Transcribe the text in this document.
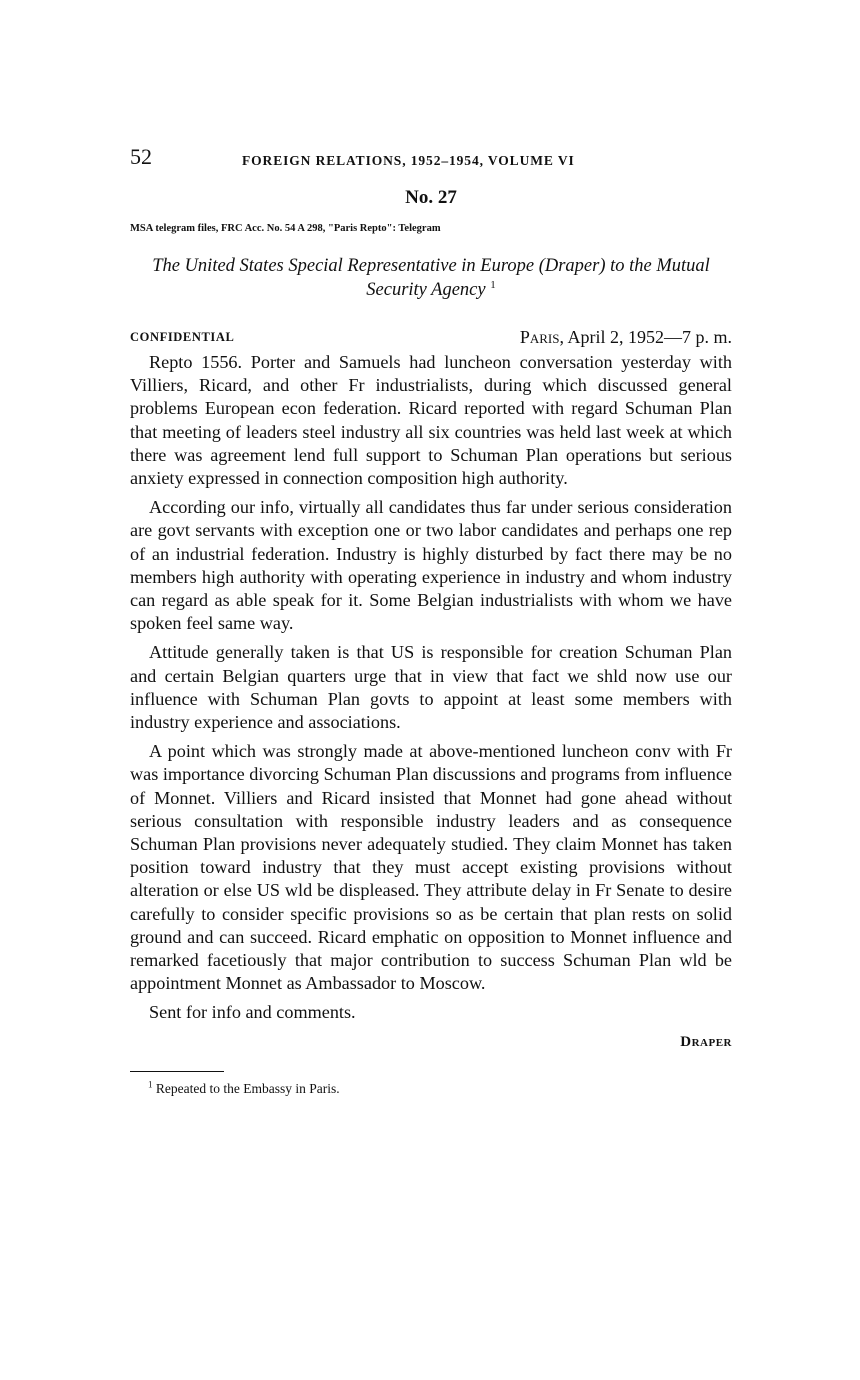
52	FOREIGN RELATIONS, 1952–1954, VOLUME VI
No. 27
MSA telegram files, FRC Acc. No. 54 A 298, "Paris Repto": Telegram
The United States Special Representative in Europe (Draper) to the Mutual Security Agency $^1$
CONFIDENTIAL	Paris, April 2, 1952—7 p. m.

Repto 1556. Porter and Samuels had luncheon conversation yesterday with Villiers, Ricard, and other Fr industrialists, during which discussed general problems European econ federation. Ricard reported with regard Schuman Plan that meeting of leaders steel industry all six countries was held last week at which there was agreement lend full support to Schuman Plan operations but serious anxiety expressed in connection composition high authority.

According our info, virtually all candidates thus far under serious consideration are govt servants with exception one or two labor candidates and perhaps one rep of an industrial federation. Industry is highly disturbed by fact there may be no members high authority with operating experience in industry and whom industry can regard as able speak for it. Some Belgian industrialists with whom we have spoken feel same way.

Attitude generally taken is that US is responsible for creation Schuman Plan and certain Belgian quarters urge that in view that fact we shld now use our influence with Schuman Plan govts to appoint at least some members with industry experience and associations.

A point which was strongly made at above-mentioned luncheon conv with Fr was importance divorcing Schuman Plan discussions and programs from influence of Monnet. Villiers and Ricard insisted that Monnet had gone ahead without serious consultation with responsible industry leaders and as consequence Schuman Plan provisions never adequately studied. They claim Monnet has taken position toward industry that they must accept existing provisions without alteration or else US wld be displeased. They attribute delay in Fr Senate to desire carefully to consider specific provisions so as be certain that plan rests on solid ground and can succeed. Ricard emphatic on opposition to Monnet influence and remarked facetiously that major contribution to success Schuman Plan wld be appointment Monnet as Ambassador to Moscow.

Sent for info and comments.

Draper
$^1$ Repeated to the Embassy in Paris.
